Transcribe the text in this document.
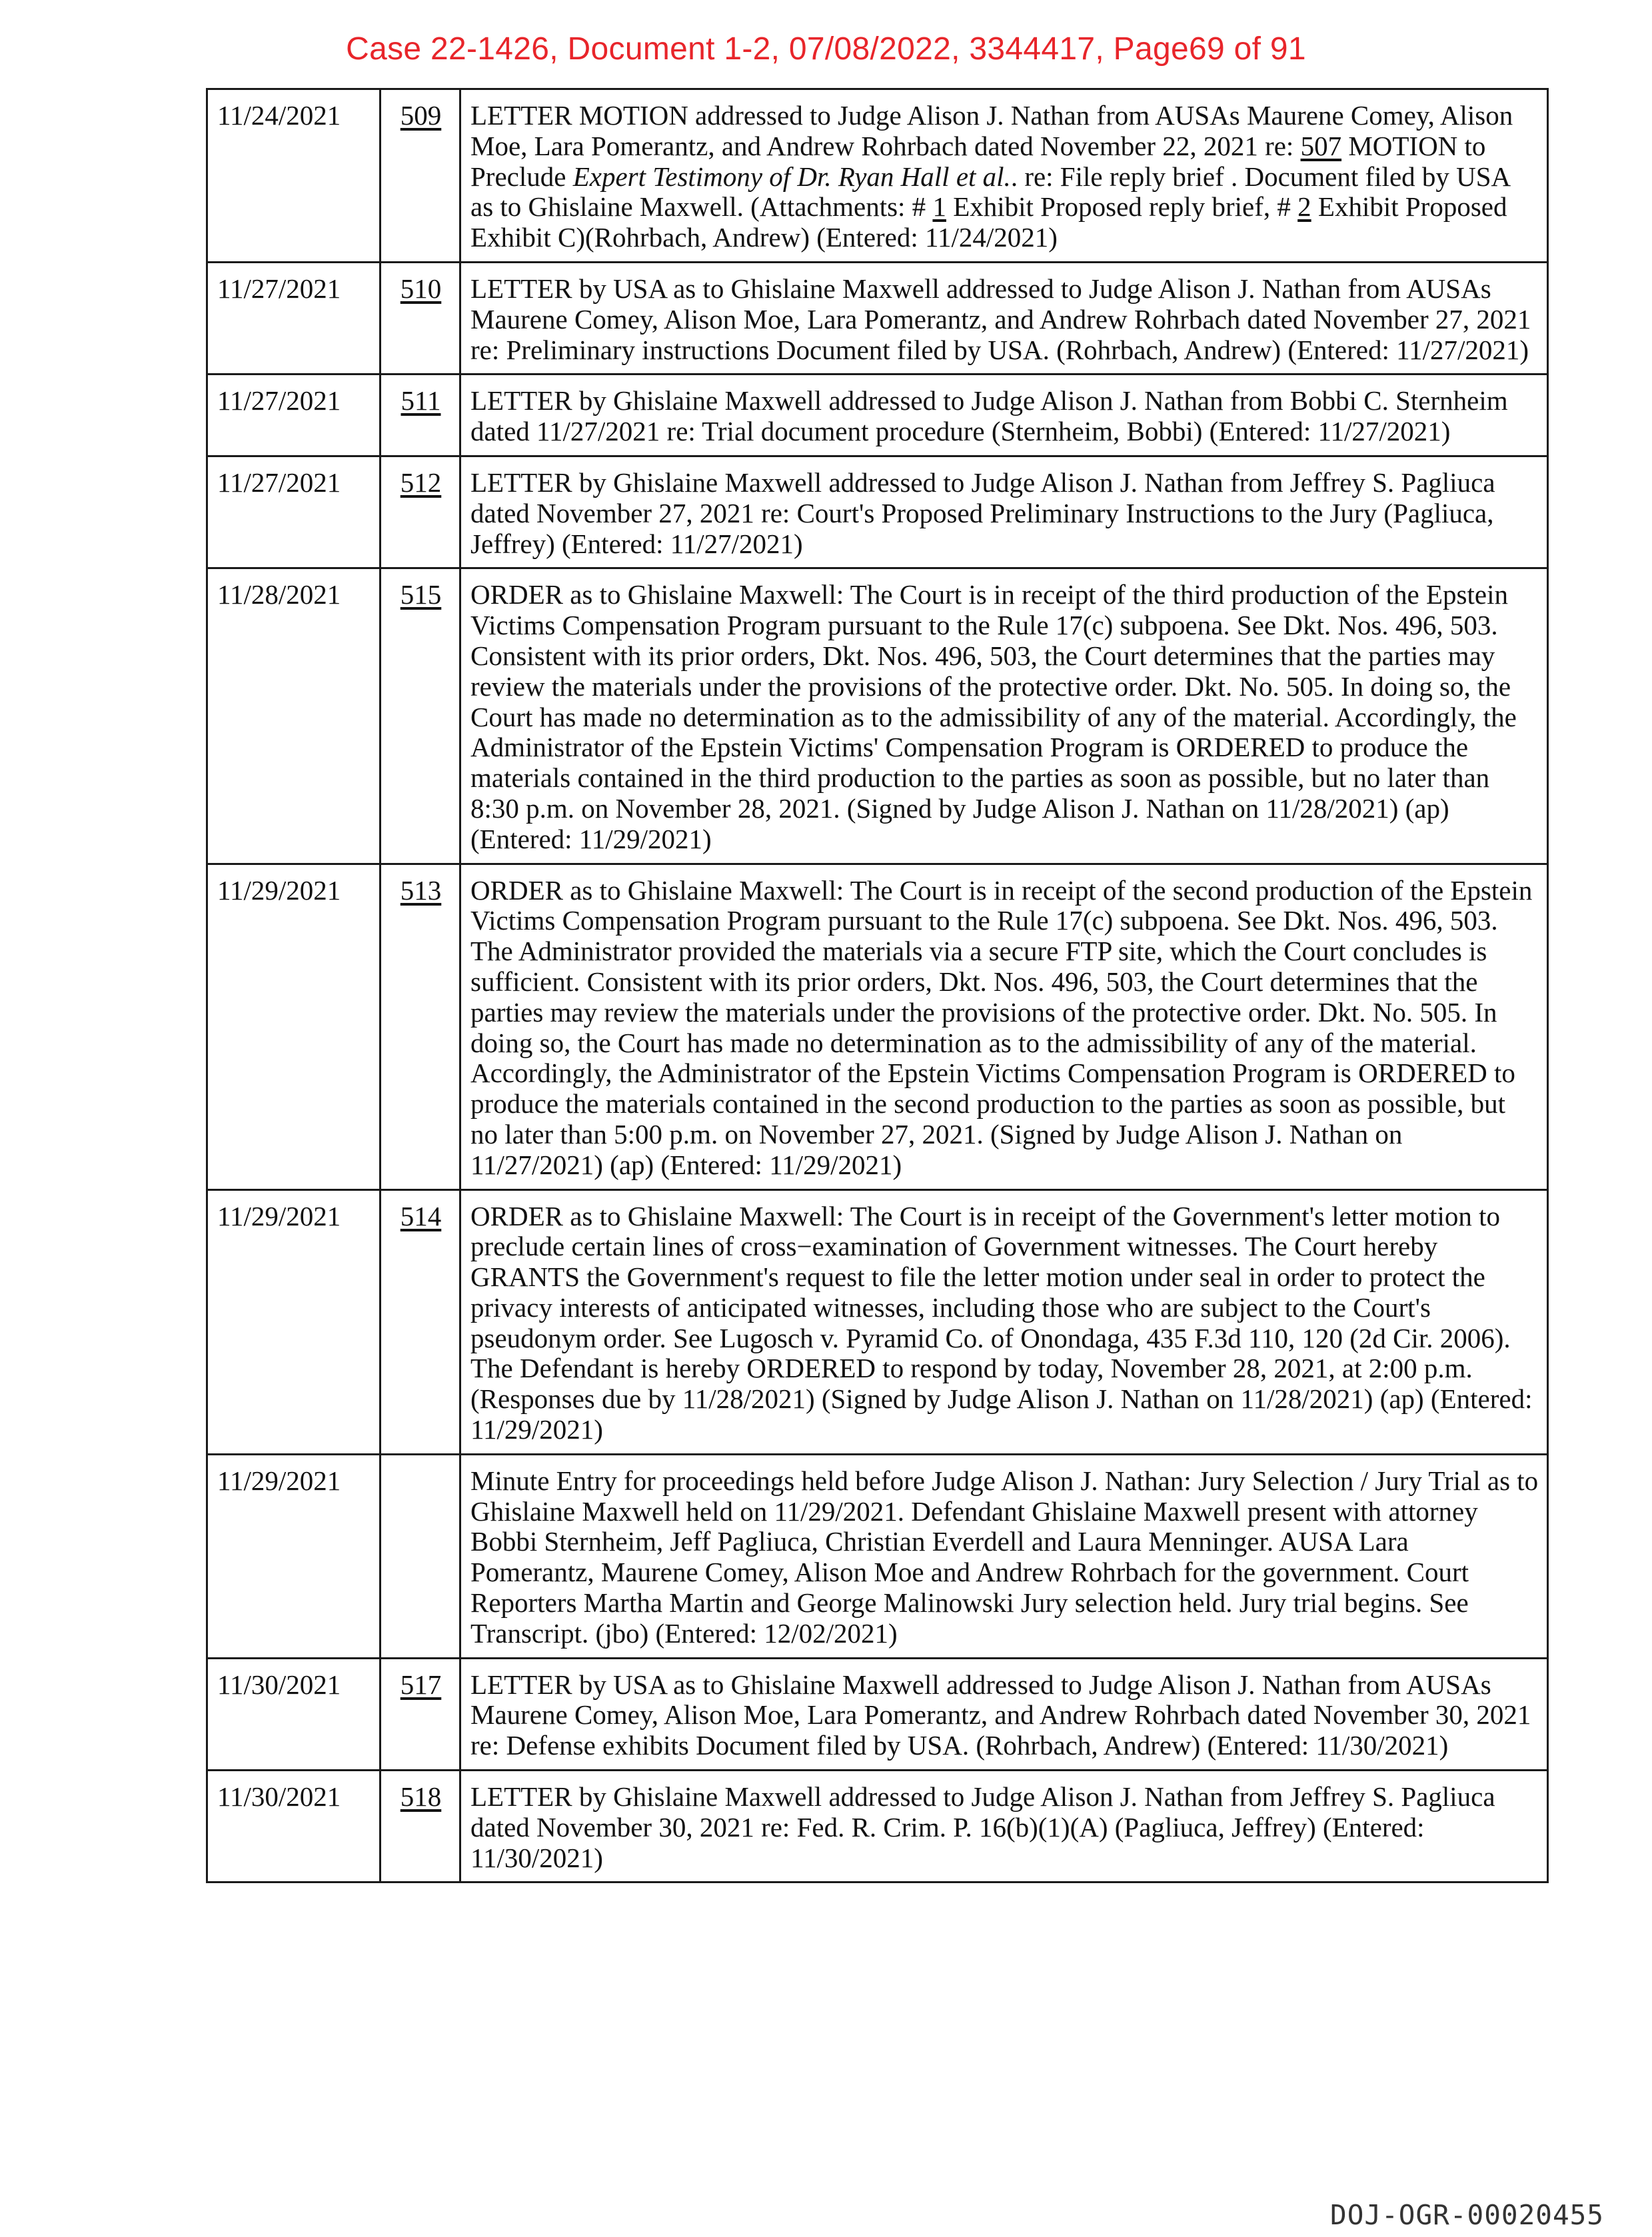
Case 22-1426, Document 1-2, 07/08/2022, 3344417, Page69 of 91
11/24/2021	509	LETTER MOTION addressed to Judge Alison J. Nathan from AUSAs Maurene Comey, Alison Moe, Lara Pomerantz, and Andrew Rohrbach dated November 22, 2021 re: 507 MOTION to Preclude Expert Testimony of Dr. Ryan Hall et al.. re: File reply brief . Document filed by USA as to Ghislaine Maxwell. (Attachments: # 1 Exhibit Proposed reply brief, # 2 Exhibit Proposed Exhibit C)(Rohrbach, Andrew) (Entered: 11/24/2021)
11/27/2021	510	LETTER by USA as to Ghislaine Maxwell addressed to Judge Alison J. Nathan from AUSAs Maurene Comey, Alison Moe, Lara Pomerantz, and Andrew Rohrbach dated November 27, 2021 re: Preliminary instructions Document filed by USA. (Rohrbach, Andrew) (Entered: 11/27/2021)
11/27/2021	511	LETTER by Ghislaine Maxwell addressed to Judge Alison J. Nathan from Bobbi C. Sternheim dated 11/27/2021 re: Trial document procedure (Sternheim, Bobbi) (Entered: 11/27/2021)
11/27/2021	512	LETTER by Ghislaine Maxwell addressed to Judge Alison J. Nathan from Jeffrey S. Pagliuca dated November 27, 2021 re: Court's Proposed Preliminary Instructions to the Jury (Pagliuca, Jeffrey) (Entered: 11/27/2021)
11/28/2021	515	ORDER as to Ghislaine Maxwell: The Court is in receipt of the third production of the Epstein Victims Compensation Program pursuant to the Rule 17(c) subpoena. See Dkt. Nos. 496, 503. Consistent with its prior orders, Dkt. Nos. 496, 503, the Court determines that the parties may review the materials under the provisions of the protective order. Dkt. No. 505. In doing so, the Court has made no determination as to the admissibility of any of the material. Accordingly, the Administrator of the Epstein Victims' Compensation Program is ORDERED to produce the materials contained in the third production to the parties as soon as possible, but no later than 8:30 p.m. on November 28, 2021. (Signed by Judge Alison J. Nathan on 11/28/2021) (ap) (Entered: 11/29/2021)
11/29/2021	513	ORDER as to Ghislaine Maxwell: The Court is in receipt of the second production of the Epstein Victims Compensation Program pursuant to the Rule 17(c) subpoena. See Dkt. Nos. 496, 503. The Administrator provided the materials via a secure FTP site, which the Court concludes is sufficient. Consistent with its prior orders, Dkt. Nos. 496, 503, the Court determines that the parties may review the materials under the provisions of the protective order. Dkt. No. 505. In doing so, the Court has made no determination as to the admissibility of any of the material. Accordingly, the Administrator of the Epstein Victims Compensation Program is ORDERED to produce the materials contained in the second production to the parties as soon as possible, but no later than 5:00 p.m. on November 27, 2021. (Signed by Judge Alison J. Nathan on 11/27/2021) (ap) (Entered: 11/29/2021)
11/29/2021	514	ORDER as to Ghislaine Maxwell: The Court is in receipt of the Government's letter motion to preclude certain lines of cross−examination of Government witnesses. The Court hereby GRANTS the Government's request to file the letter motion under seal in order to protect the privacy interests of anticipated witnesses, including those who are subject to the Court's pseudonym order. See Lugosch v. Pyramid Co. of Onondaga, 435 F.3d 110, 120 (2d Cir. 2006). The Defendant is hereby ORDERED to respond by today, November 28, 2021, at 2:00 p.m. (Responses due by 11/28/2021) (Signed by Judge Alison J. Nathan on 11/28/2021) (ap) (Entered: 11/29/2021)
11/29/2021		Minute Entry for proceedings held before Judge Alison J. Nathan: Jury Selection / Jury Trial as to Ghislaine Maxwell held on 11/29/2021. Defendant Ghislaine Maxwell present with attorney Bobbi Sternheim, Jeff Pagliuca, Christian Everdell and Laura Menninger. AUSA Lara Pomerantz, Maurene Comey, Alison Moe and Andrew Rohrbach for the government. Court Reporters Martha Martin and George Malinowski Jury selection held. Jury trial begins. See Transcript. (jbo) (Entered: 12/02/2021)
11/30/2021	517	LETTER by USA as to Ghislaine Maxwell addressed to Judge Alison J. Nathan from AUSAs Maurene Comey, Alison Moe, Lara Pomerantz, and Andrew Rohrbach dated November 30, 2021 re: Defense exhibits Document filed by USA. (Rohrbach, Andrew) (Entered: 11/30/2021)
11/30/2021	518	LETTER by Ghislaine Maxwell addressed to Judge Alison J. Nathan from Jeffrey S. Pagliuca dated November 30, 2021 re: Fed. R. Crim. P. 16(b)(1)(A) (Pagliuca, Jeffrey) (Entered: 11/30/2021)
DOJ-OGR-00020455
